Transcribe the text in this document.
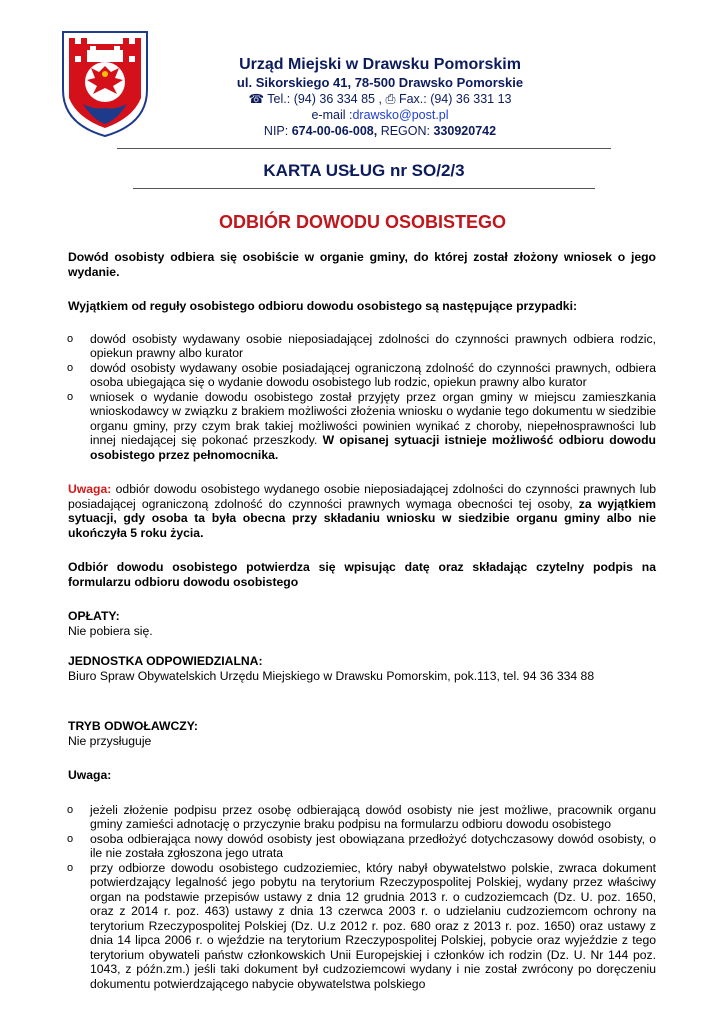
Urząd Miejski w Drawsku Pomorskim
ul. Sikorskiego 41, 78-500 Drawsko Pomorskie
☎ Tel.: (94) 36 334 85 , ⎙ Fax.: (94) 36 331 13
e-mail :drawsko@post.pl
NIP: 674-00-06-008, REGON: 330920742
KARTA USŁUG nr SO/2/3
ODBIÓR DOWODU OSOBISTEGO

Dowód osobisty odbiera się osobiście w organie gminy, do której został złożony wniosek o jego wydanie.

Wyjątkiem od reguły osobistego odbioru dowodu osobistego są następujące przypadki:

o dowód osobisty wydawany osobie nieposiadającej zdolności do czynności prawnych odbiera rodzic, opiekun prawny albo kurator
o dowód osobisty wydawany osobie posiadającej ograniczoną zdolność do czynności prawnych, odbiera osoba ubiegająca się o wydanie dowodu osobistego lub rodzic, opiekun prawny albo kurator
o wniosek o wydanie dowodu osobistego został przyjęty przez organ gminy w miejscu zamieszkania wnioskodawcy w związku z brakiem możliwości złożenia wniosku o wydanie tego dokumentu w siedzibie organu gminy, przy czym brak takiej możliwości powinien wynikać z choroby, niepełnosprawności lub innej niedającej się pokonać przeszkody. W opisanej sytuacji istnieje możliwość odbioru dowodu osobistego przez pełnomocnika.

Uwaga: odbiór dowodu osobistego wydanego osobie nieposiadającej zdolności do czynności prawnych lub posiadającej ograniczoną zdolność do czynności prawnych wymaga obecności tej osoby, za wyjątkiem sytuacji, gdy osoba ta była obecna przy składaniu wniosku w siedzibie organu gminy albo nie ukończyła 5 roku życia.

Odbiór dowodu osobistego potwierdza się wpisując datę oraz składając czytelny podpis na formularzu odbioru dowodu osobistego

OPŁATY:

Nie pobiera się.

JEDNOSTKA ODPOWIEDZIALNA:

Biuro Spraw Obywatelskich Urzędu Miejskiego w Drawsku Pomorskim, pok.113, tel. 94 36 334 88

TRYB ODWOŁAWCZY:

Nie przysługuje

Uwaga:

o jeżeli złożenie podpisu przez osobę odbierającą dowód osobisty nie jest możliwe, pracownik organu gminy zamieści adnotację o przyczynie braku podpisu na formularzu odbioru dowodu osobistego
o osoba odbierająca nowy dowód osobisty jest obowiązana przedłożyć dotychczasowy dowód osobisty, o ile nie została zgłoszona jego utrata
o przy odbiorze dowodu osobistego cudzoziemiec, który nabył obywatelstwo polskie, zwraca dokument potwierdzający legalność jego pobytu na terytorium Rzeczypospolitej Polskiej, wydany przez właściwy organ na podstawie przepisów ustawy z dnia 12 grudnia 2013 r. o cudzoziemcach (Dz. U. poz. 1650, oraz z 2014 r. poz. 463) ustawy z dnia 13 czerwca 2003 r. o udzielaniu cudzoziemcom ochrony na terytorium Rzeczypospolitej Polskiej (Dz. U.z 2012 r. poz. 680 oraz z 2013 r. poz. 1650) oraz ustawy z dnia 14 lipca 2006 r. o wjeździe na terytorium Rzeczypospolitej Polskiej, pobycie oraz wyjeździe z tego terytorium obywateli państw członkowskich Unii Europejskiej i członków ich rodzin (Dz. U. Nr 144 poz. 1043, z późn.zm.) jeśli taki dokument był cudzoziemcowi wydany i nie został zwrócony po doręczeniu dokumentu potwierdzającego nabycie obywatelstwa polskiego
